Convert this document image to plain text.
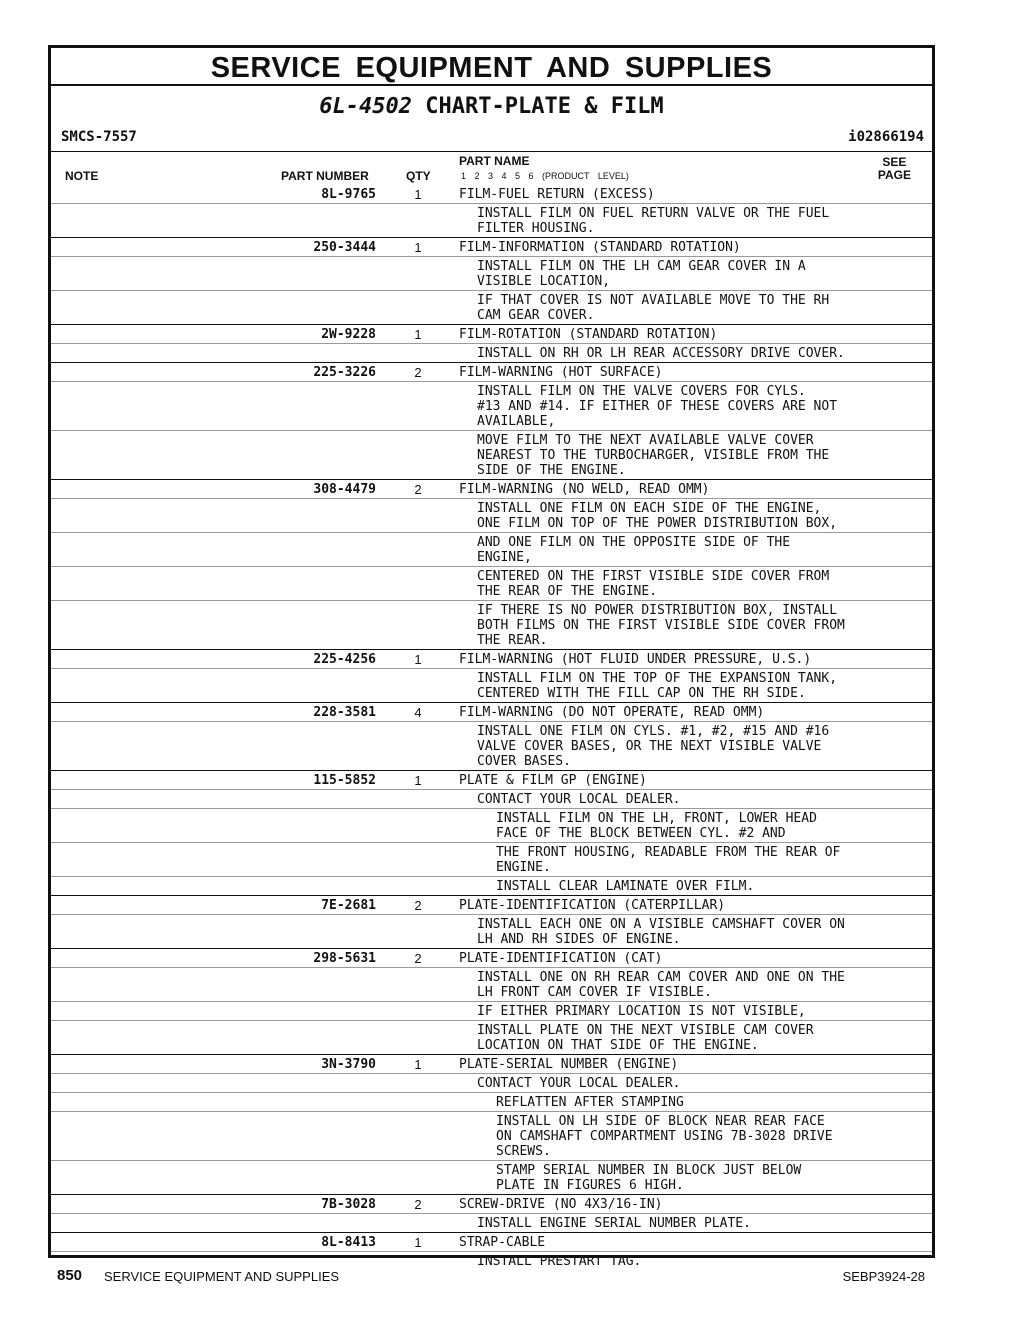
SERVICE EQUIPMENT AND SUPPLIES
6L-4502 CHART-PLATE & FILM
SMCS-7557	i02866194
NOTE	PART NUMBER	QTY
PART NAME
1 2 3 4 5 6 (PRODUCT LEVEL)
SEE
PAGE
8L-9765	1	FILM-FUEL RETURN (EXCESS)
INSTALL FILM ON FUEL RETURN VALVE OR THE FUEL
FILTER HOUSING.
250-3444	1	FILM-INFORMATION (STANDARD ROTATION)
INSTALL FILM ON THE LH CAM GEAR COVER IN A
VISIBLE LOCATION,
IF THAT COVER IS NOT AVAILABLE MOVE TO THE RH
CAM GEAR COVER.
2W-9228	1	FILM-ROTATION (STANDARD ROTATION)
INSTALL ON RH OR LH REAR ACCESSORY DRIVE COVER.
225-3226	2	FILM-WARNING (HOT SURFACE)
INSTALL FILM ON THE VALVE COVERS FOR CYLS.
#13 AND #14. IF EITHER OF THESE COVERS ARE NOT
AVAILABLE,
MOVE FILM TO THE NEXT AVAILABLE VALVE COVER
NEAREST TO THE TURBOCHARGER, VISIBLE FROM THE
SIDE OF THE ENGINE.
308-4479	2	FILM-WARNING (NO WELD, READ OMM)
INSTALL ONE FILM ON EACH SIDE OF THE ENGINE,
ONE FILM ON TOP OF THE POWER DISTRIBUTION BOX,
AND ONE FILM ON THE OPPOSITE SIDE OF THE
ENGINE,
CENTERED ON THE FIRST VISIBLE SIDE COVER FROM
THE REAR OF THE ENGINE.
IF THERE IS NO POWER DISTRIBUTION BOX, INSTALL
BOTH FILMS ON THE FIRST VISIBLE SIDE COVER FROM
THE REAR.
225-4256	1	FILM-WARNING (HOT FLUID UNDER PRESSURE, U.S.)
INSTALL FILM ON THE TOP OF THE EXPANSION TANK,
CENTERED WITH THE FILL CAP ON THE RH SIDE.
228-3581	4	FILM-WARNING (DO NOT OPERATE, READ OMM)
INSTALL ONE FILM ON CYLS. #1, #2, #15 AND #16
VALVE COVER BASES, OR THE NEXT VISIBLE VALVE
COVER BASES.
115-5852	1	PLATE & FILM GP (ENGINE)
CONTACT YOUR LOCAL DEALER.
INSTALL FILM ON THE LH, FRONT, LOWER HEAD
FACE OF THE BLOCK BETWEEN CYL. #2 AND
THE FRONT HOUSING, READABLE FROM THE REAR OF
ENGINE.
INSTALL CLEAR LAMINATE OVER FILM.
7E-2681	2	PLATE-IDENTIFICATION (CATERPILLAR)
INSTALL EACH ONE ON A VISIBLE CAMSHAFT COVER ON
LH AND RH SIDES OF ENGINE.
298-5631	2	PLATE-IDENTIFICATION (CAT)
INSTALL ONE ON RH REAR CAM COVER AND ONE ON THE
LH FRONT CAM COVER IF VISIBLE.
IF EITHER PRIMARY LOCATION IS NOT VISIBLE,
INSTALL PLATE ON THE NEXT VISIBLE CAM COVER
LOCATION ON THAT SIDE OF THE ENGINE.
3N-3790	1	PLATE-SERIAL NUMBER (ENGINE)
CONTACT YOUR LOCAL DEALER.
REFLATTEN AFTER STAMPING
INSTALL ON LH SIDE OF BLOCK NEAR REAR FACE
ON CAMSHAFT COMPARTMENT USING 7B-3028 DRIVE
SCREWS.
STAMP SERIAL NUMBER IN BLOCK JUST BELOW
PLATE IN FIGURES 6 HIGH.
7B-3028	2	SCREW-DRIVE (NO 4X3/16-IN)
INSTALL ENGINE SERIAL NUMBER PLATE.
8L-8413	1	STRAP-CABLE
INSTALL PRESTART TAG.
850 SERVICE EQUIPMENT AND SUPPLIES	SEBP3924-28
